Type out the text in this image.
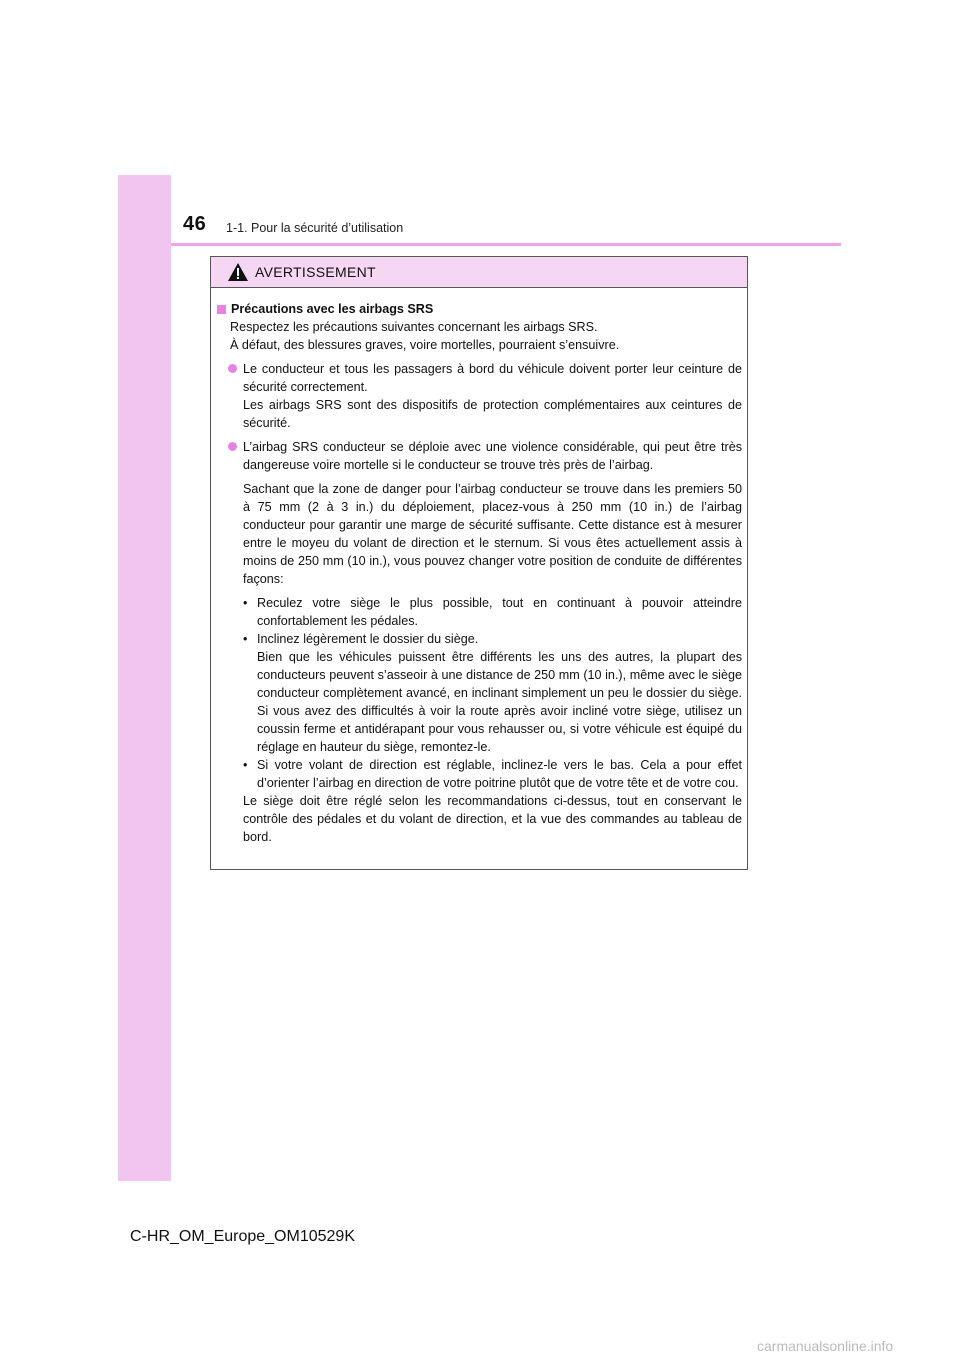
46 1-1. Pour la sécurité d’utilisation
AVERTISSEMENT
Précautions avec les airbags SRS
Respectez les précautions suivantes concernant les airbags SRS.
À défaut, des blessures graves, voire mortelles, pourraient s’ensuivre.
Le conducteur et tous les passagers à bord du véhicule doivent porter leur ceinture de sécurité correctement.
Les airbags SRS sont des dispositifs de protection complémentaires aux ceintures de sécurité.
L’airbag SRS conducteur se déploie avec une violence considérable, qui peut être très dangereuse voire mortelle si le conducteur se trouve très près de l’airbag.
Sachant que la zone de danger pour l’airbag conducteur se trouve dans les premiers 50 à 75 mm (2 à 3 in.) du déploiement, placez-vous à 250 mm (10 in.) de l’airbag conducteur pour garantir une marge de sécurité suffisante. Cette distance est à mesurer entre le moyeu du volant de direction et le sternum. Si vous êtes actuellement assis à moins de 250 mm (10 in.), vous pouvez changer votre position de conduite de différentes façons:
• Reculez votre siège le plus possible, tout en continuant à pouvoir atteindre confortablement les pédales.
• Inclinez légèrement le dossier du siège.
Bien que les véhicules puissent être différents les uns des autres, la plupart des conducteurs peuvent s’asseoir à une distance de 250 mm (10 in.), même avec le siège conducteur complètement avancé, en inclinant simplement un peu le dossier du siège. Si vous avez des difficultés à voir la route après avoir incliné votre siège, utilisez un coussin ferme et antidérapant pour vous rehausser ou, si votre véhicule est équipé du réglage en hauteur du siège, remontez-le.
• Si votre volant de direction est réglable, inclinez-le vers le bas. Cela a pour effet d’orienter l’airbag en direction de votre poitrine plutôt que de votre tête et de votre cou.
Le siège doit être réglé selon les recommandations ci-dessus, tout en conservant le contrôle des pédales et du volant de direction, et la vue des commandes au tableau de bord.
C-HR_OM_Europe_OM10529K
carmanualsonline.info
